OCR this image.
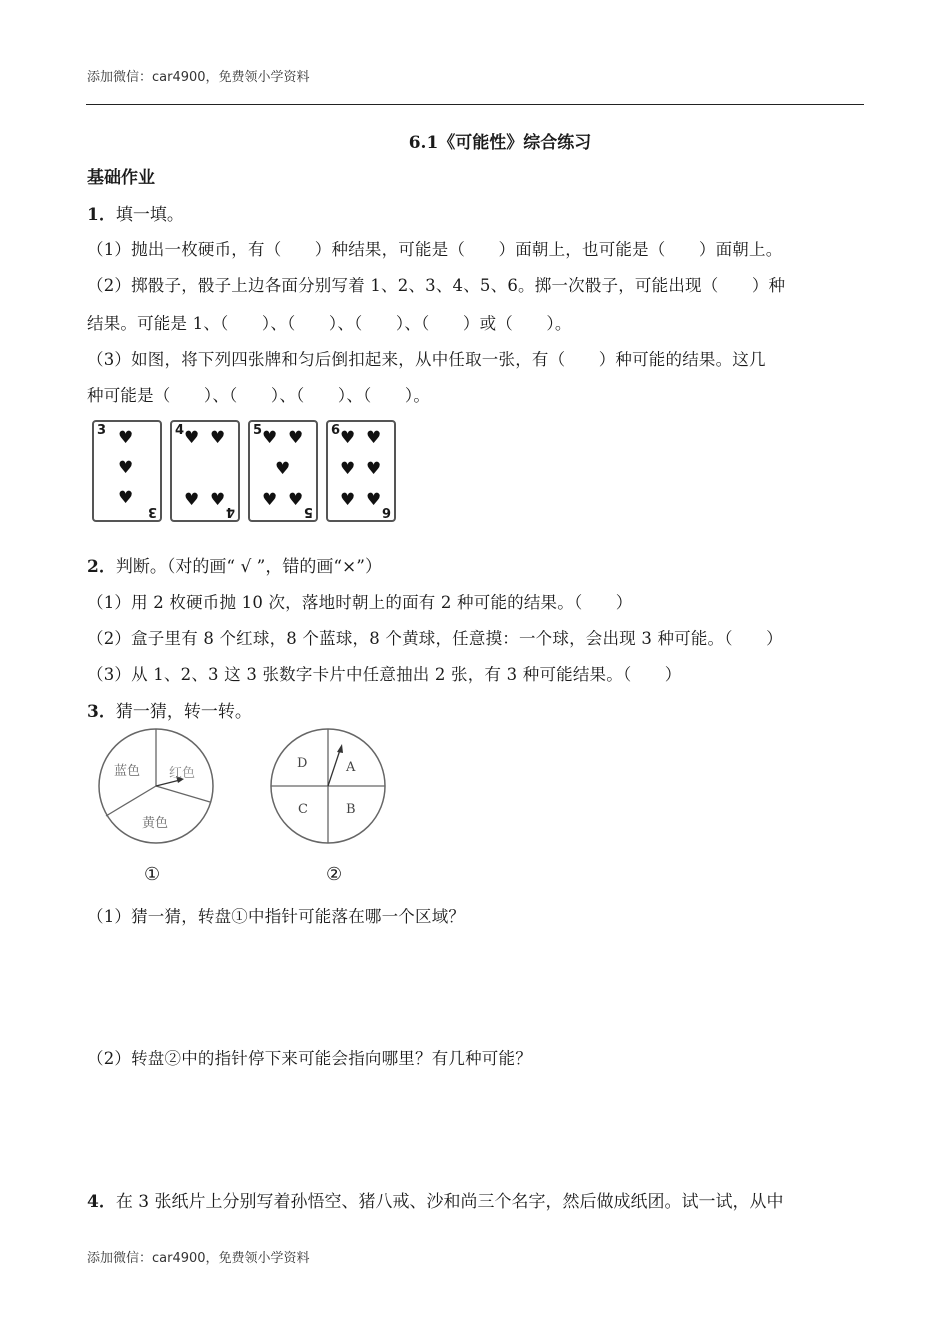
添加微信：car4900，免费领小学资料
6.1《可能性》综合练习
基础作业
1．填一填。
（1）抛出一枚硬币，有（　　）种结果，可能是（　　）面朝上，也可能是（　　）面朝上。
（2）掷骰子，骰子上边各面分别写着 1、2、3、4、5、6。掷一次骰子，可能出现（　　）种
结果。可能是 1、（　　）、（　　）、（　　）、（　　）或（　　）。
（3）如图，将下列四张牌和匀后倒扣起来，从中任取一张，有（　　）种可能的结果。这几
种可能是（　　）、（　　）、（　　）、（　　）。
3
3
♥
♥
♥
4
4
♥ ♥
♥ ♥
5
5
♥ ♥
♥
♥ ♥
6
6
♥ ♥
♥ ♥
♥ ♥
2．判断。（对的画“ √ ”，错的画“×”）
（1）用 2 枚硬币抛 10 次，落地时朝上的面有 2 种可能的结果。（　　）
（2）盒子里有 8 个红球，8 个蓝球，8 个黄球，任意摸：一个球，会出现 3 种可能。（　　）
（3）从 1、2、3 这 3 张数字卡片中任意抽出 2 张，有 3 种可能结果。（　　）
3．猜一猜，转一转。
蓝色 红色
黄色
D	A
C	B
①	②
（1）猜一猜，转盘①中指针可能落在哪一个区域？
（2）转盘②中的指针停下来可能会指向哪里？有几种可能？
4．在 3 张纸片上分别写着孙悟空、猪八戒、沙和尚三个名字，然后做成纸团。试一试，从中
添加微信：car4900，免费领小学资料
